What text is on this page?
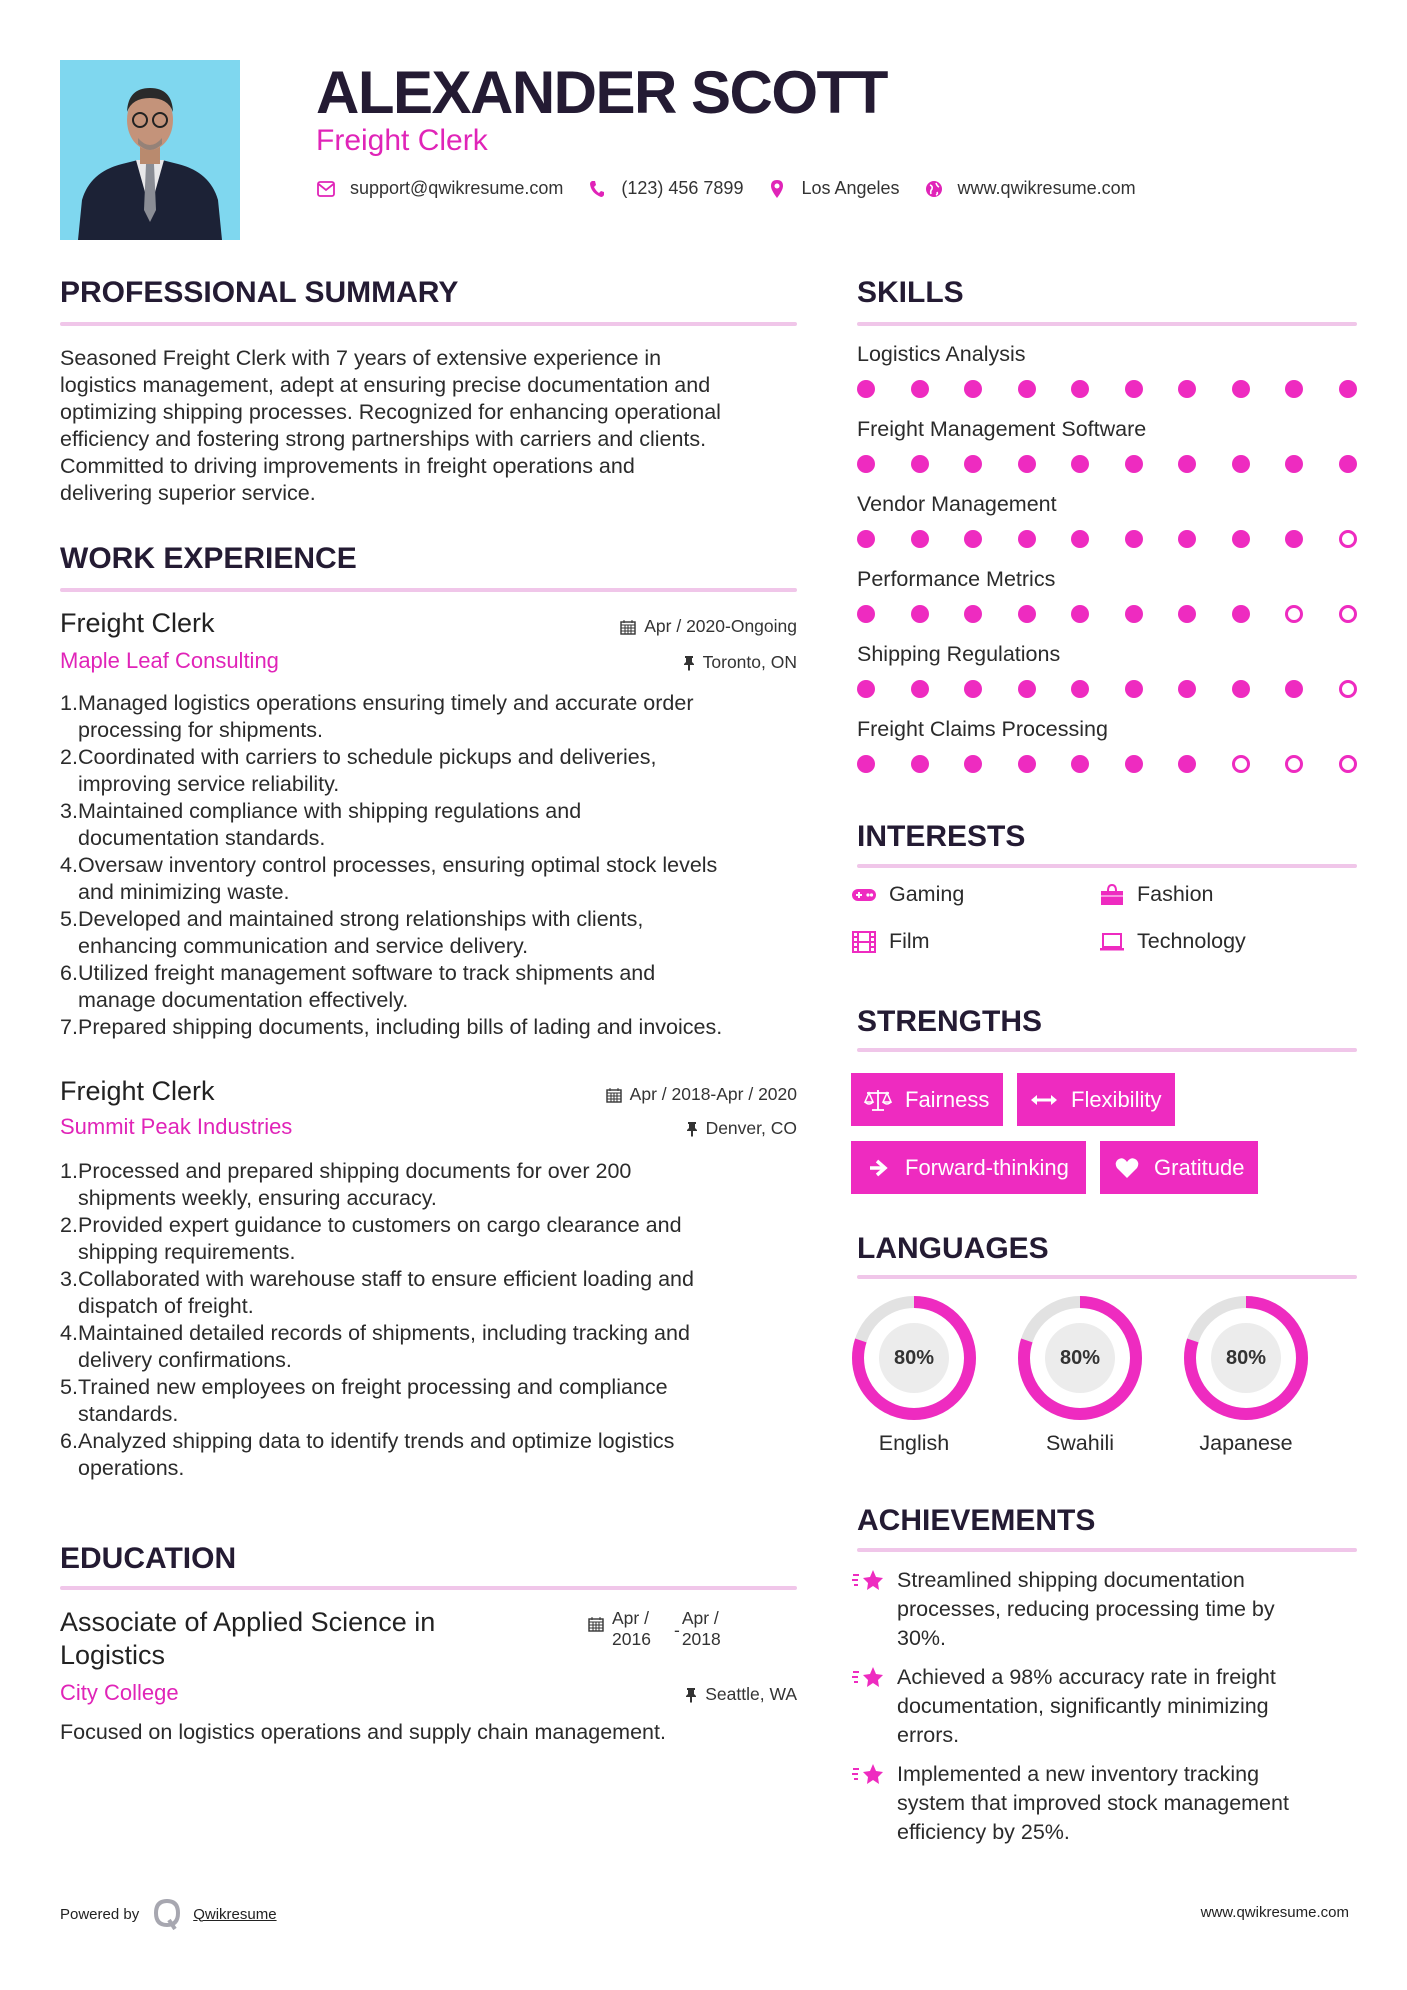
ALEXANDER SCOTT
Freight Clerk
support@qwikresume.com	(123) 456 7899	Los Angeles	www.qwikresume.com
PROFESSIONAL SUMMARY
Seasoned Freight Clerk with 7 years of extensive experience in
logistics management, adept at ensuring precise documentation and
optimizing shipping processes. Recognized for enhancing operational
efficiency and fostering strong partnerships with carriers and clients.
Committed to driving improvements in freight operations and
delivering superior service.
WORK EXPERIENCE
Freight Clerk	Apr / 2020-Ongoing
Maple Leaf Consulting	Toronto, ON
1. Managed logistics operations ensuring timely and accurate order
processing for shipments.
2. Coordinated with carriers to schedule pickups and deliveries,
improving service reliability.
3. Maintained compliance with shipping regulations and
documentation standards.
4. Oversaw inventory control processes, ensuring optimal stock levels
and minimizing waste.
5. Developed and maintained strong relationships with clients,
enhancing communication and service delivery.
6. Utilized freight management software to track shipments and
manage documentation effectively.
7. Prepared shipping documents, including bills of lading and invoices.
Freight Clerk	Apr / 2018-Apr / 2020
Summit Peak Industries	Denver, CO
1. Processed and prepared shipping documents for over 200
shipments weekly, ensuring accuracy.
2. Provided expert guidance to customers on cargo clearance and
shipping requirements.
3. Collaborated with warehouse staff to ensure efficient loading and
dispatch of freight.
4. Maintained detailed records of shipments, including tracking and
delivery confirmations.
5. Trained new employees on freight processing and compliance
standards.
6. Analyzed shipping data to identify trends and optimize logistics
operations.
EDUCATION
Associate of Applied Science in
Logistics
Apr /
2016	-
Apr /
2018
City College	Seattle, WA
Focused on logistics operations and supply chain management.
SKILLS
Logistics Analysis
Freight Management Software
Vendor Management
Performance Metrics
Shipping Regulations
Freight Claims Processing
INTERESTS
Gaming	Fashion
Film	Technology
STRENGTHS
Fairness	Flexibility
Forward-thinking	Gratitude
LANGUAGES
80%
English
80%
Swahili
80%
Japanese
ACHIEVEMENTS
Streamlined shipping documentation
processes, reducing processing time by
30%.
Achieved a 98% accuracy rate in freight
documentation, significantly minimizing
errors.
Implemented a new inventory tracking
system that improved stock management
efficiency by 25%.
Powered by	Qwikresume	www.qwikresume.com
